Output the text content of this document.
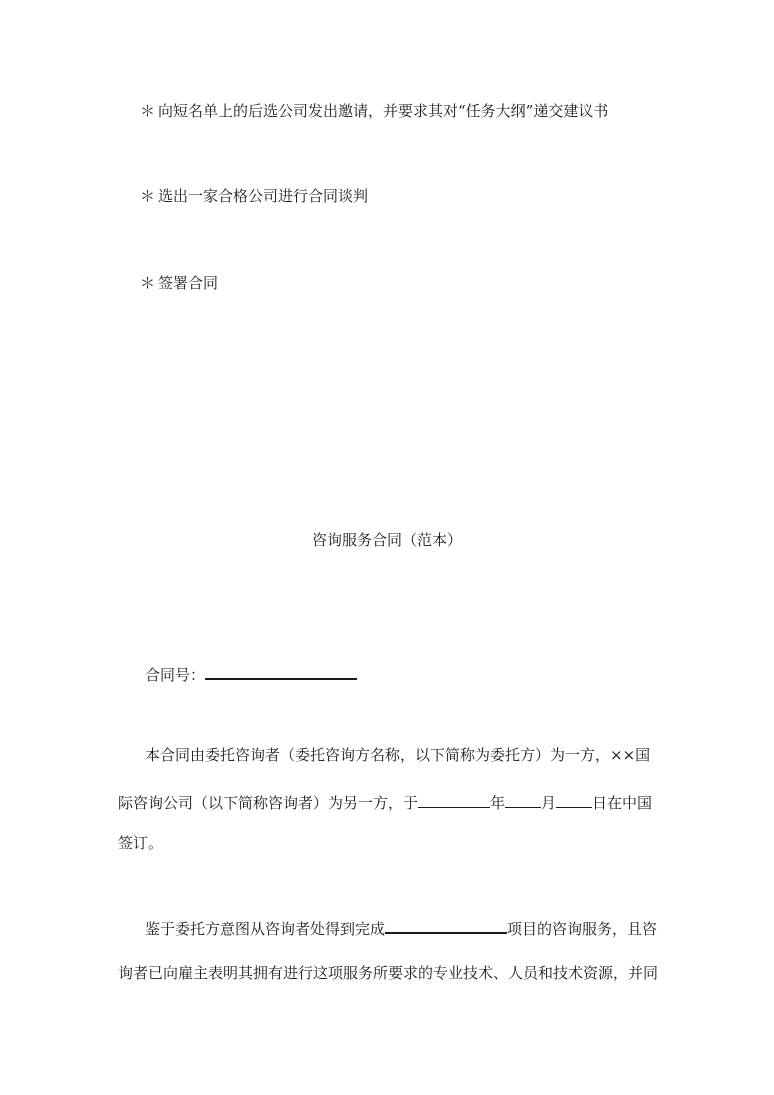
＊ 向短名单上的后选公司发出邀请，并要求其对“任务大纲”递交建议书
＊ 选出一家合格公司进行合同谈判
＊ 签署合同
咨询服务合同（范本）
合同号：
本合同由委托咨询者（委托咨询方名称，以下简称为委托方）为一方，××国
际咨询公司（以下简称咨询者）为另一方，于	年 月 日在中国
签订。
鉴于委托方意图从咨询者处得到完成	项目的咨询服务，且咨
询者已向雇主表明其拥有进行这项服务所要求的专业技术、人员和技术资源，并同
